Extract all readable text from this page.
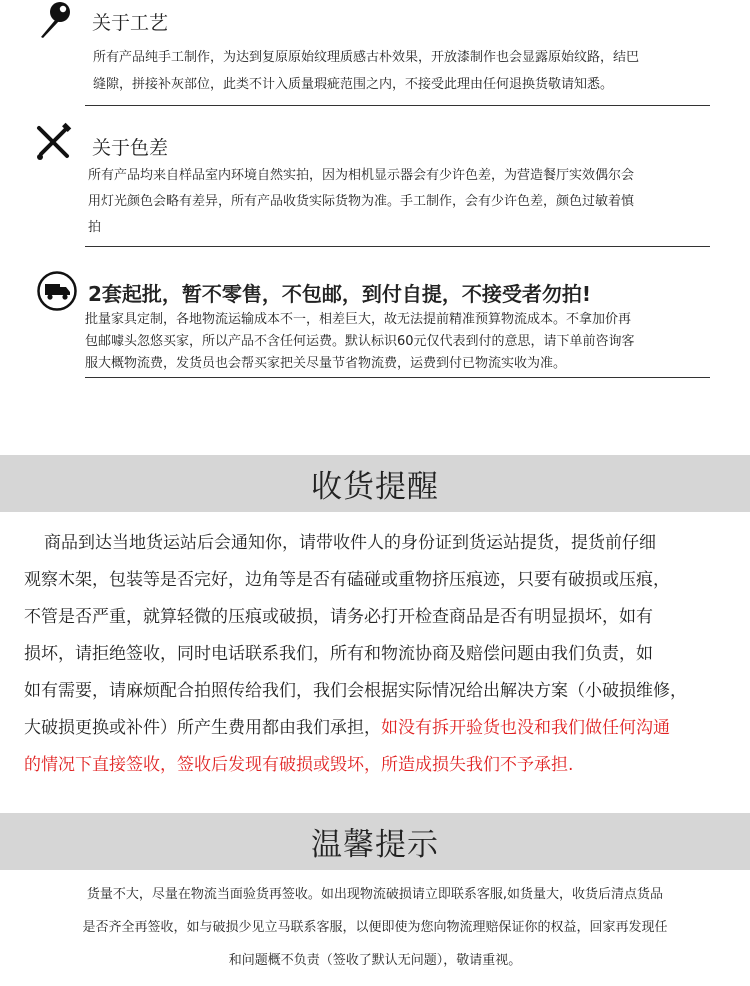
关于工艺

所有产品纯手工制作，为达到复原原始纹理质感古朴效果，开放漆制作也会显露原始纹路，结巴

缝隙，拼接补灰部位，此类不计入质量瑕疵范围之内，不接受此理由任何退换货敬请知悉。

关于色差

所有产品均来自样品室内环境自然实拍，因为相机显示器会有少许色差，为营造餐厅实效偶尔会

用灯光颜色会略有差异，所有产品收货实际货物为准。手工制作，会有少许色差，颜色过敏着慎

拍

2套起批，暂不零售，不包邮，到付自提，不接受者勿拍!

批量家具定制，各地物流运输成本不一，相差巨大，故无法提前精准预算物流成本。不拿加价再

包邮噱头忽悠买家，所以产品不含任何运费。默认标识60元仅代表到付的意思，请下单前咨询客

服大概物流费，发货员也会帮买家把关尽量节省物流费，运费到付已物流实收为准。

收货提醒

商品到达当地货运站后会通知你，请带收件人的身份证到货运站提货，提货前仔细

观察木架，包装等是否完好，边角等是否有磕碰或重物挤压痕迹，只要有破损或压痕，

不管是否严重，就算轻微的压痕或破损，请务必打开检查商品是否有明显损坏，如有

损坏，请拒绝签收，同时电话联系我们，所有和物流协商及赔偿问题由我们负责，如

如有需要，请麻烦配合拍照传给我们，我们会根据实际情况给出解决方案（小破损维修，

大破损更换或补件）所产生费用都由我们承担，如没有拆开验货也没和我们做任何沟通

的情况下直接签收，签收后发现有破损或毁坏，所造成损失我们不予承担.

温馨提示

货量不大，尽量在物流当面验货再签收。如出现物流破损请立即联系客服,如货量大，收货后清点货品

是否齐全再签收，如与破损少见立马联系客服，以便即使为您向物流理赔保证你的权益，回家再发现任

和问题概不负责（签收了默认无问题），敬请重视。
